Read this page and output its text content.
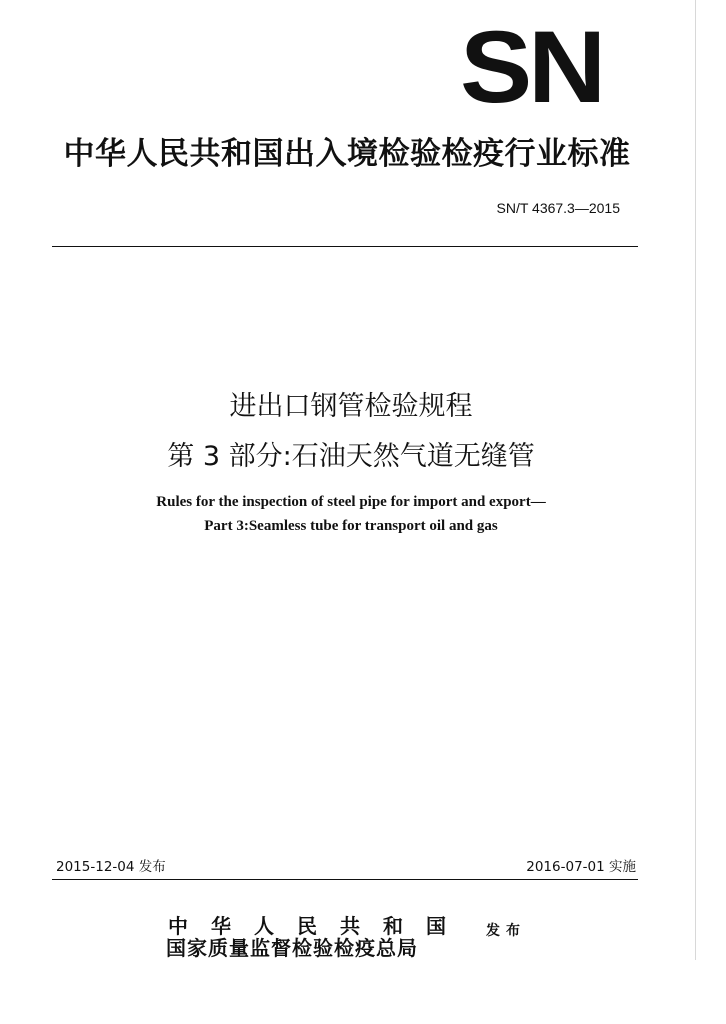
SN
中华人民共和国出入境检验检疫行业标准
SN/T 4367.3—2015
进出口钢管检验规程
第 3 部分:石油天然气道无缝管
Rules for the inspection of steel pipe for import and export—
Part 3:Seamless tube for transport oil and gas
2015-12-04 发布	2016-07-01 实施
中华人民共和国
国家质量监督检验检疫总局
发布
